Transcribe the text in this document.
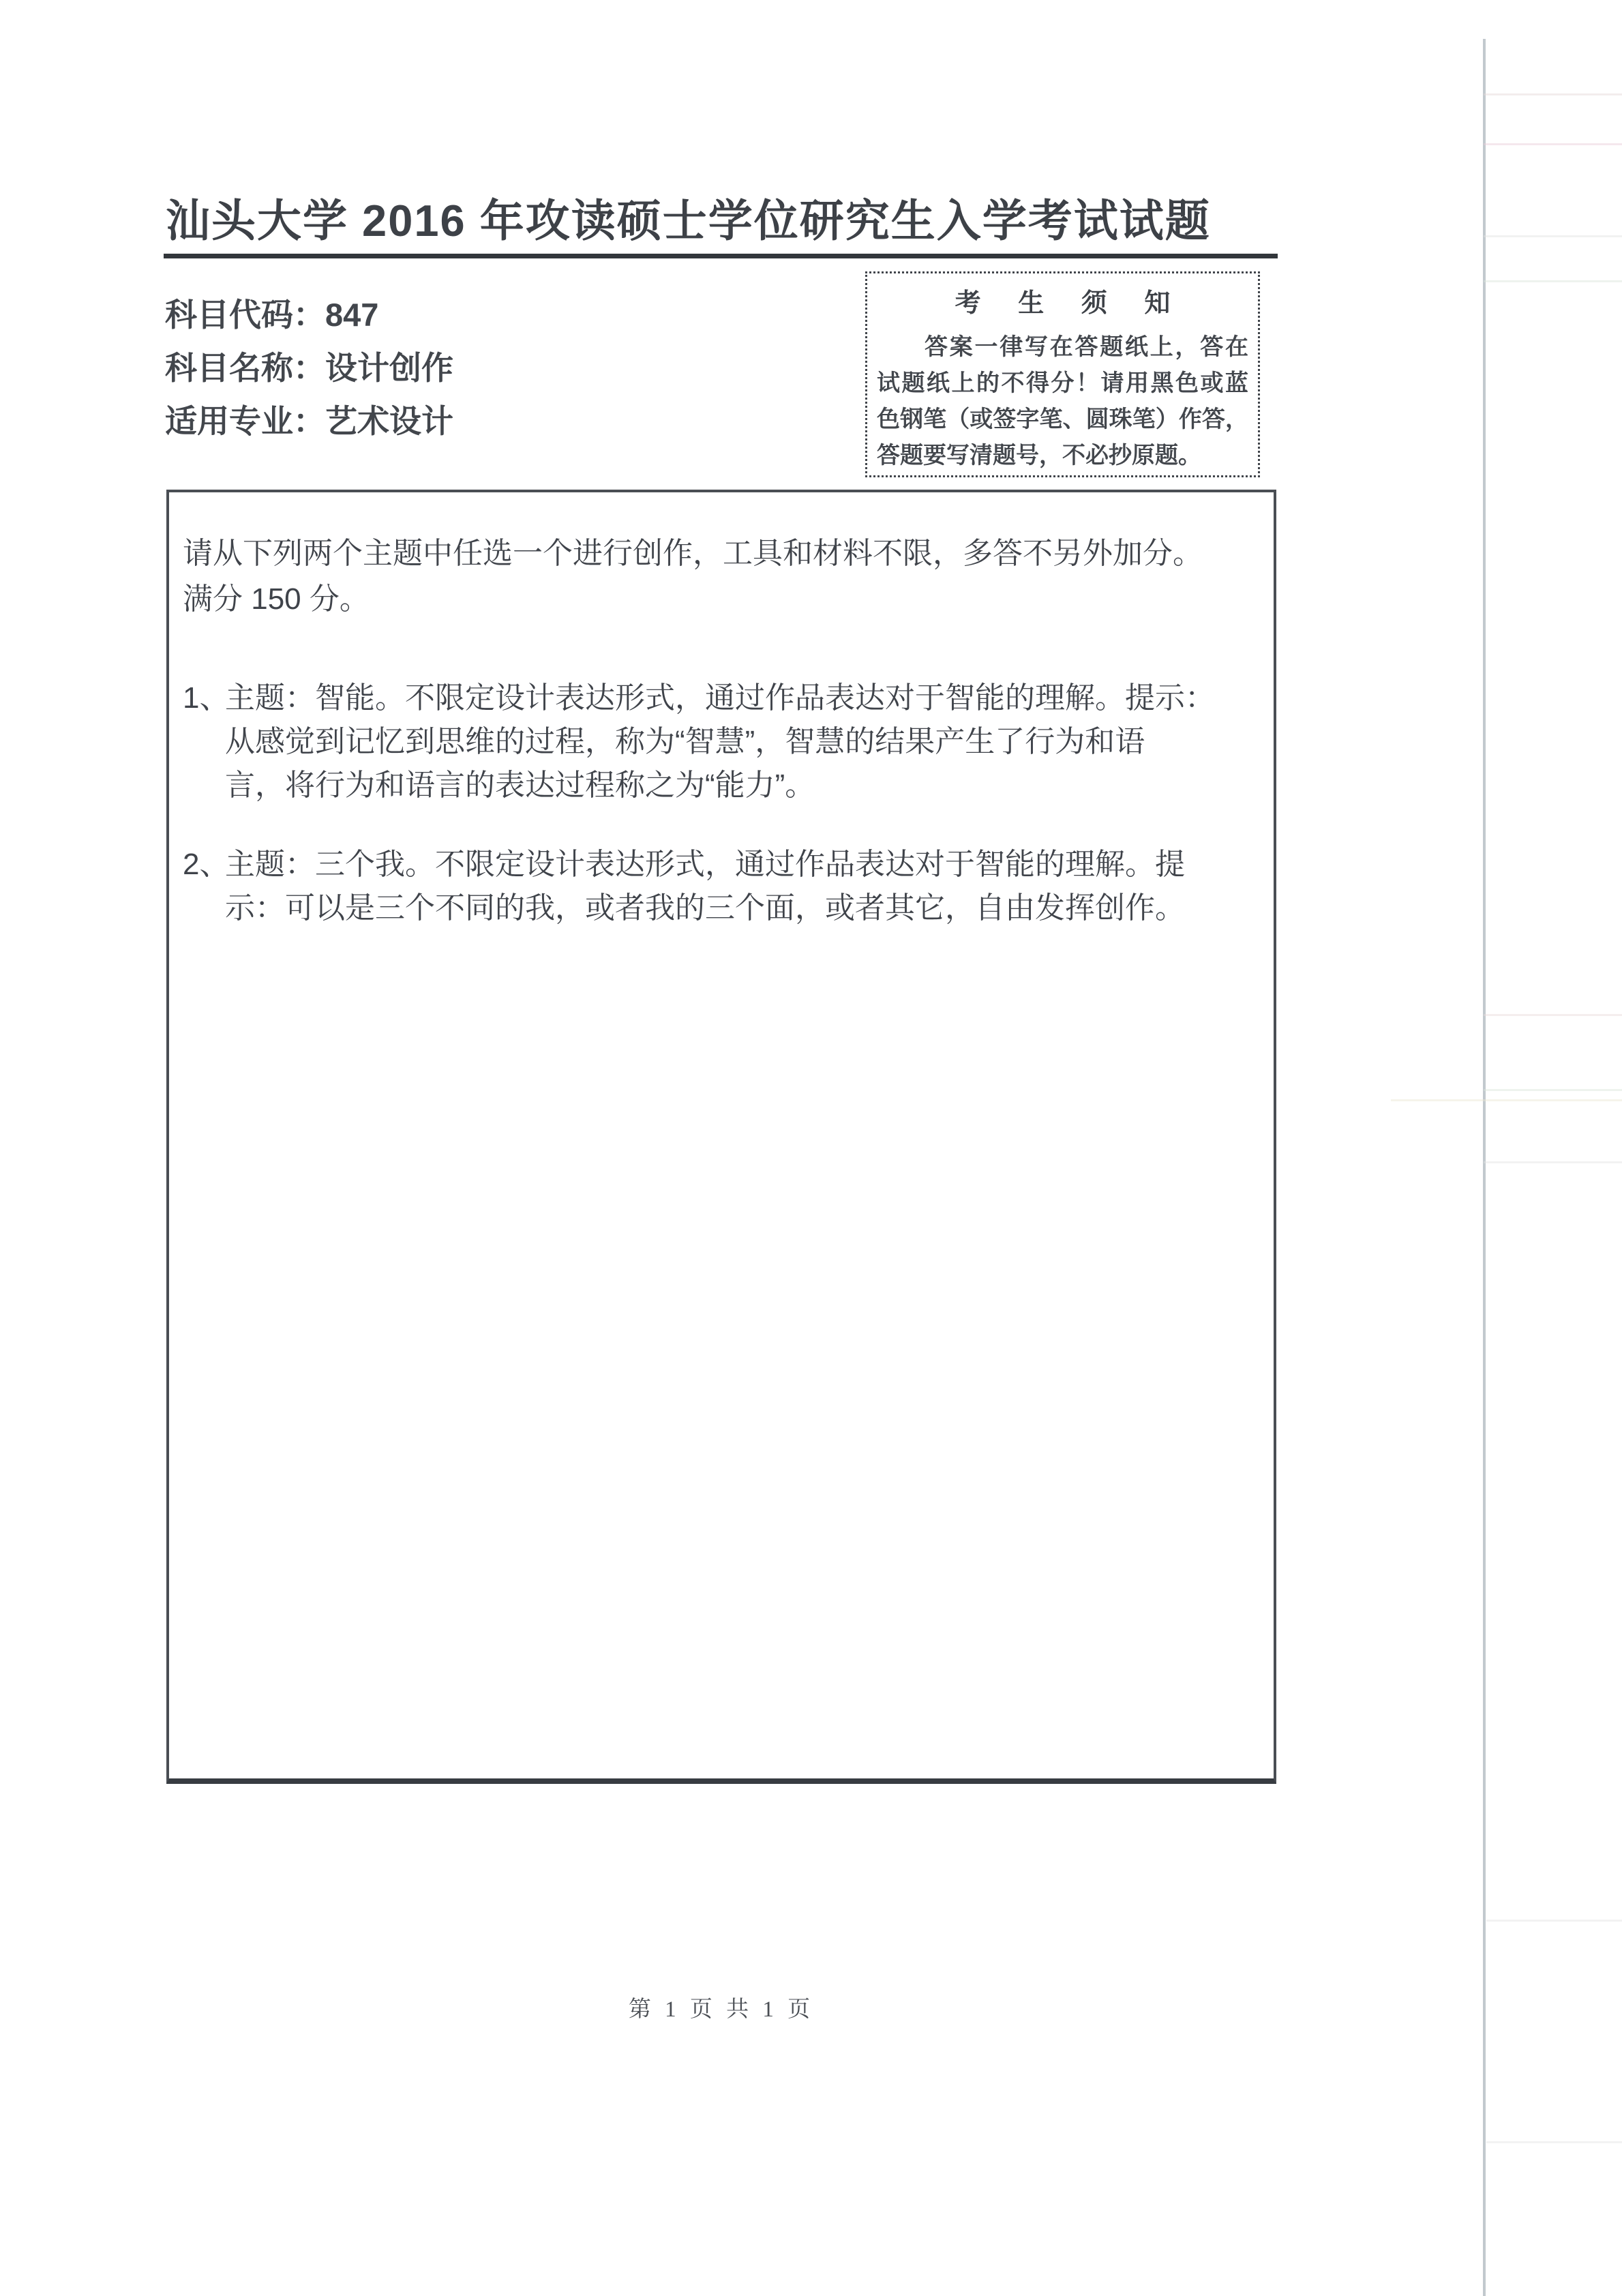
汕头大学 2016 年攻读硕士学位研究生入学考试试题
科目代码：847
科目名称：设计创作
适用专业：艺术设计
考 生 须 知
答案一律写在答题纸上，答在
试题纸上的不得分！请用黑色或蓝
色钢笔（或签字笔、圆珠笔）作答，
答题要写清题号，不必抄原题。
请从下列两个主题中任选一个进行创作，工具和材料不限，多答不另外加分。
满分 150 分。
1、
主题：智能。不限定设计表达形式，通过作品表达对于智能的理解。提示：
从感觉到记忆到思维的过程，称为“智慧”，智慧的结果产生了行为和语
言，将行为和语言的表达过程称之为“能力”。
2、
主题：三个我。不限定设计表达形式，通过作品表达对于智能的理解。提
示：可以是三个不同的我，或者我的三个面，或者其它，自由发挥创作。
第 1 页 共 1 页
